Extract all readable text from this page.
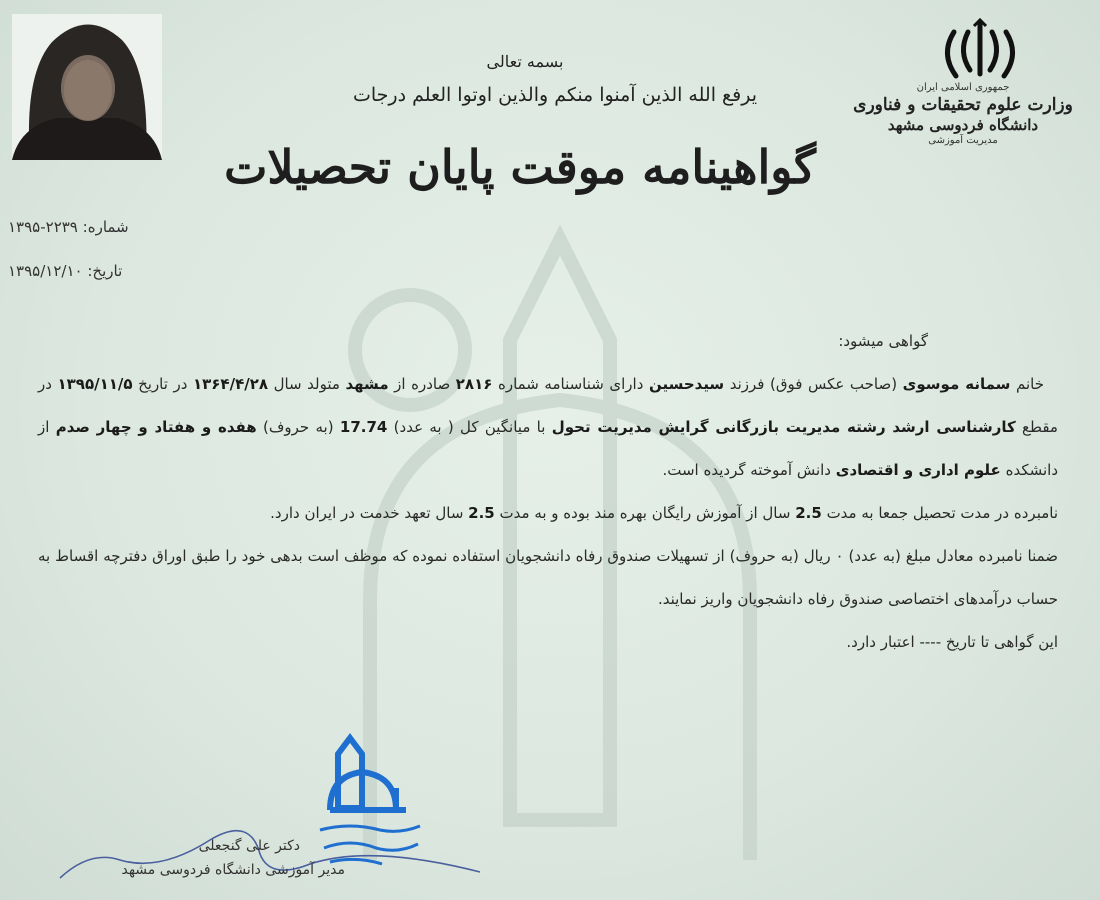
جمهوری اسلامی ایران
وزارت علوم تحقیقات و فناوری
دانشگاه فردوسی مشهد
مدیریت آموزشی
بسمه تعالی
یرفع الله الذین آمنوا منکم والذین اوتوا العلم درجات
گواهینامه موقت پایان تحصیلات
شماره: ۱۳۹۵-۲۲۳۹
تاریخ: ۱۳۹۵/۱۲/۱۰

گواهی میشود:

خانم سمانه موسوی (صاحب عکس فوق) فرزند سیدحسین دارای شناسنامه شماره ۲۸۱۶ صادره از مشهد متولد سال ۱۳۶۴/۴/۲۸ در تاریخ ۱۳۹۵/۱۱/۵ در مقطع کارشناسی ارشد رشته مدیریت بازرگانی گرایش مدیریت تحول با میانگین کل ( به عدد) 17.74 (به حروف) هفده و هفتاد و چهار صدم از دانشکده علوم اداری و اقتصادی دانش آموخته گردیده است.

نامبرده در مدت تحصیل جمعا به مدت 2.5 سال از آموزش رایگان بهره مند بوده و به مدت 2.5 سال تعهد خدمت در ایران دارد.

ضمنا نامبرده معادل مبلغ (به عدد) ۰ ریال (به حروف) از تسهیلات صندوق رفاه دانشجویان استفاده نموده که موظف است بدهی خود را طبق اوراق دفترچه اقساط به حساب درآمدهای اختصاصی صندوق رفاه دانشجویان واریز نمایند.

این گواهی تا تاریخ ---- اعتبار دارد.

دکتر علی گنجعلی
مدیر آموزشی دانشگاه فردوسی مشهد
